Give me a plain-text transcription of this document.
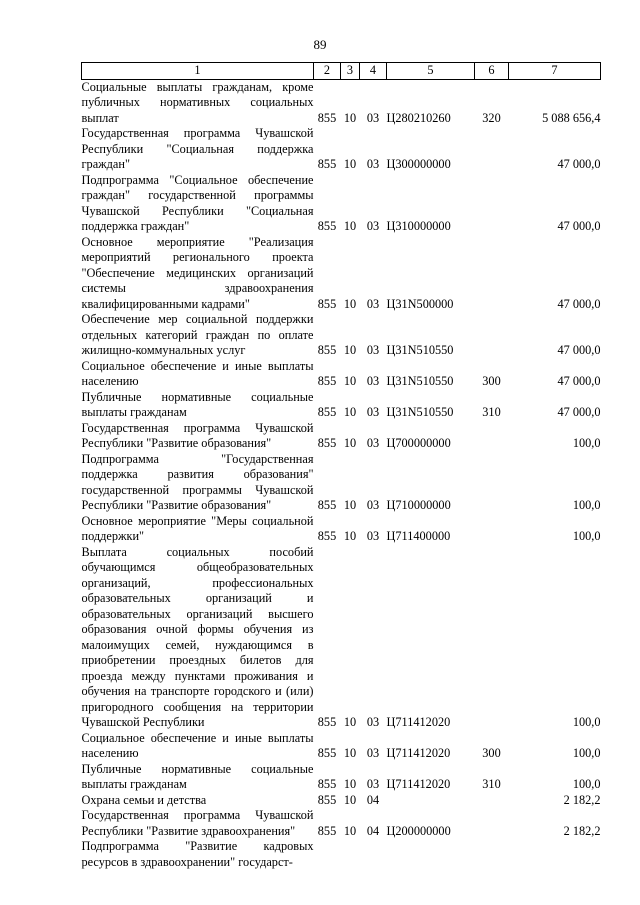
89
1	2	3	4	5	6	7

Социальные выплаты гражданам, кроме публичных нормативных социальных выплат	855	10	03	Ц280210260	320	5 088 656,4

Государственная программа Чувашской Республики "Социальная поддержка граждан"	855	10	03	Ц300000000		47 000,0

Подпрограмма "Социальное обеспечение граждан" государственной программы Чувашской Республики "Социальная поддержка граждан"	855	10	03	Ц310000000		47 000,0

Основное мероприятие "Реализация мероприятий регионального проекта "Обеспечение медицинских организаций системы здравоохранения квалифицированными кадрами"	855	10	03	Ц31N500000		47 000,0

Обеспечение мер социальной поддержки отдельных категорий граждан по оплате жилищно-коммунальных услуг	855	10	03	Ц31N510550		47 000,0

Социальное обеспечение и иные выплаты населению	855	10	03	Ц31N510550	300	47 000,0

Публичные нормативные социальные выплаты гражданам	855	10	03	Ц31N510550	310	47 000,0

Государственная программа Чувашской Республики "Развитие образования"	855	10	03	Ц700000000		100,0

Подпрограмма "Государственная поддержка развития образования" государственной программы Чувашской Республики "Развитие образования"	855	10	03	Ц710000000		100,0

Основное мероприятие "Меры социальной поддержки"	855	10	03	Ц711400000		100,0

Выплата социальных пособий обучающимся общеобразовательных организаций, профессиональных образовательных организаций и образовательных организаций высшего образования очной формы обучения из малоимущих семей, нуждающимся в приобретении проездных билетов для проезда между пунктами проживания и обучения на транспорте городского и (или) пригородного сообщения на территории Чувашской Республики	855	10	03	Ц711412020		100,0

Социальное обеспечение и иные выплаты населению	855	10	03	Ц711412020	300	100,0

Публичные нормативные социальные выплаты гражданам	855	10	03	Ц711412020	310	100,0

Охрана семьи и детства	855	10	04			2 182,2

Государственная программа Чувашской Республики "Развитие здравоохранения"	855	10	04	Ц200000000		2 182,2

Подпрограмма "Развитие кадровых ресурсов в здравоохранении" государст-						
